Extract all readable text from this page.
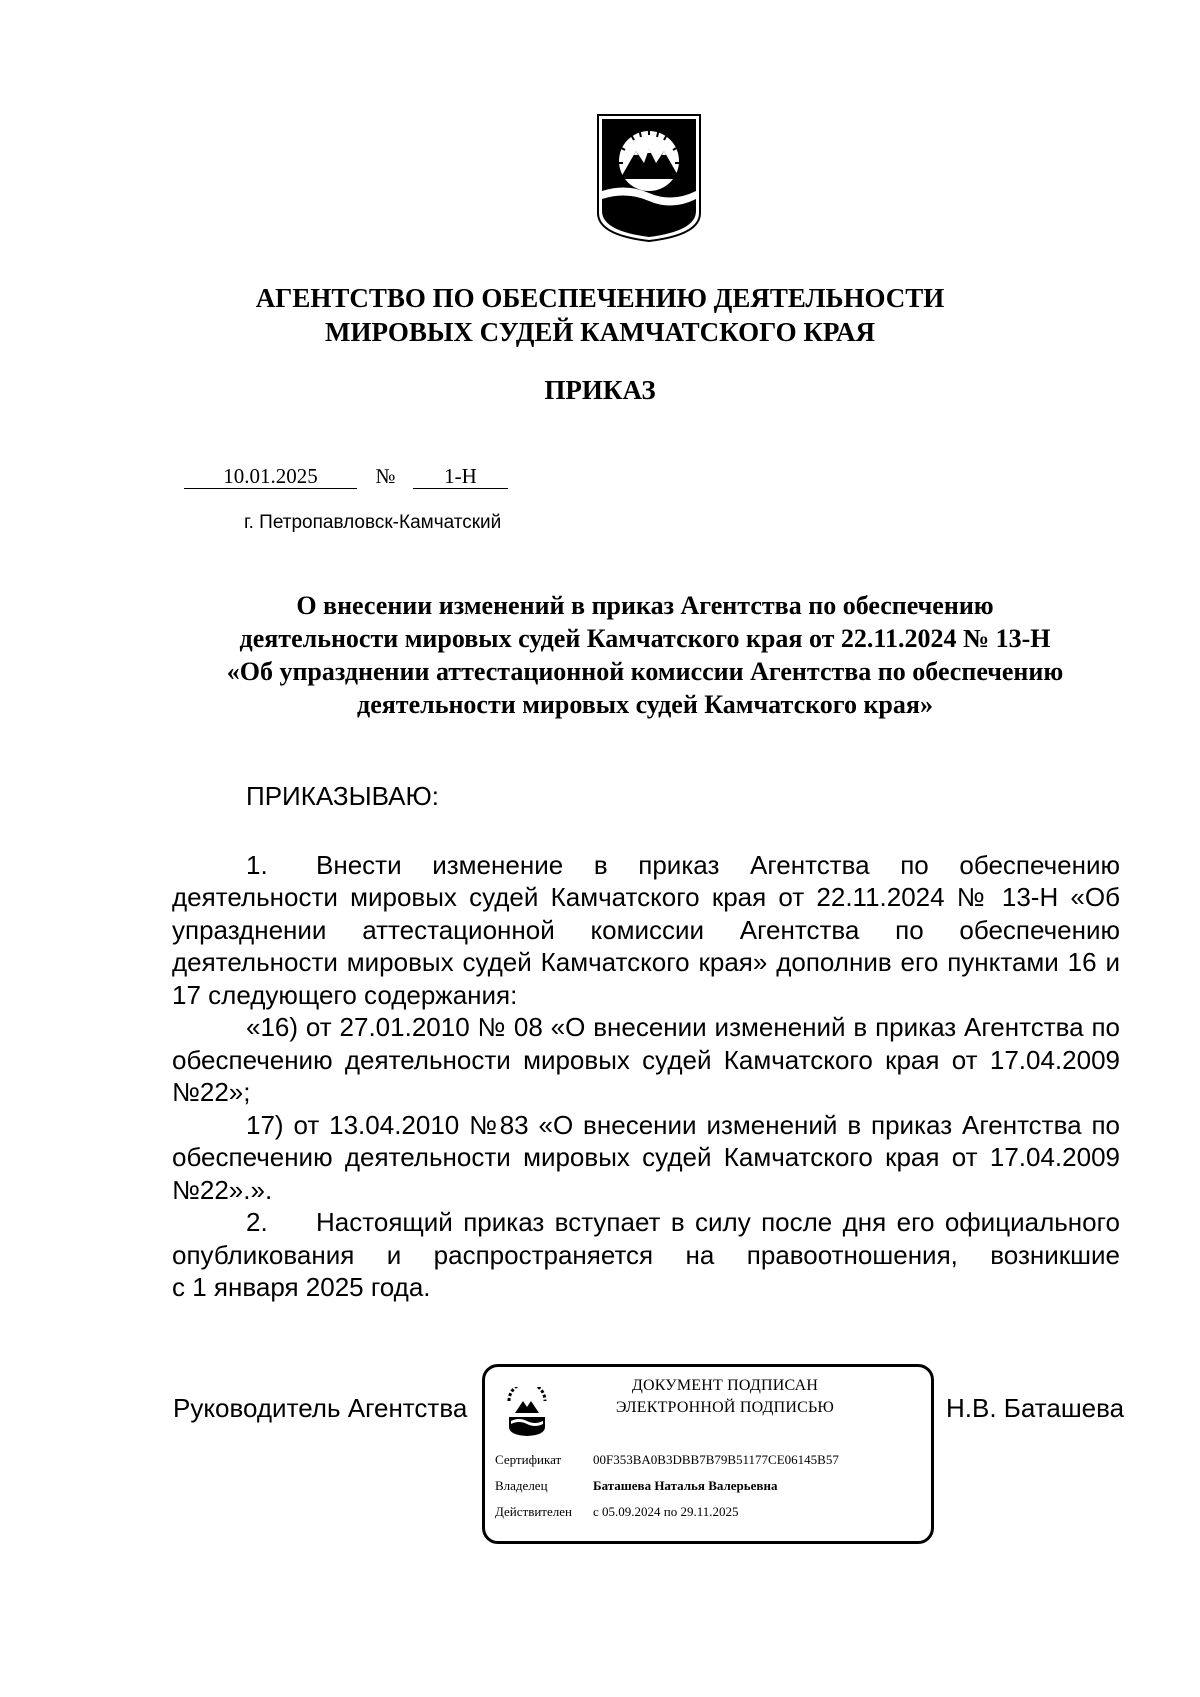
АГЕНТСТВО ПО ОБЕСПЕЧЕНИЮ ДЕЯТЕЛЬНОСТИ
МИРОВЫХ СУДЕЙ КАМЧАТСКОГО КРАЯ
ПРИКАЗ
10.01.2025	№	1-Н
г. Петропавловск-Камчатский
О внесении изменений в приказ Агентства по обеспечению
деятельности мировых судей Камчатского края от 22.11.2024 № 13-Н
«Об упразднении аттестационной комиссии Агентства по обеспечению
деятельности мировых судей Камчатского края»
ПРИКАЗЫВАЮ:
1. Внести изменение в приказ Агентства по обеспечению
деятельности мировых судей Камчатского края от 22.11.2024 № 13-Н «Об
упразднении аттестационной комиссии Агентства по обеспечению
деятельности мировых судей Камчатского края» дополнив его пунктами 16 и
17 следующего содержания:
«16) от 27.01.2010 № 08 «О внесении изменений в приказ Агентства по
обеспечению деятельности мировых судей Камчатского края от 17.04.2009
№22»;
17) от 13.04.2010 №83 «О внесении изменений в приказ Агентства по
обеспечению деятельности мировых судей Камчатского края от 17.04.2009
№22».».
2. Настоящий приказ вступает в силу после дня его официального
опубликования и распространяется на правоотношения, возникшие
с 1 января 2025 года.
Руководитель Агентства	Н.В. Баташева
ДОКУМЕНТ ПОДПИСАН
ЭЛЕКТРОННОЙ ПОДПИСЬЮ
Сертификат 00F353BA0B3DBB7B79B51177CE06145B57
Владелец	Баташева Наталья Валерьевна
Действителен с 05.09.2024 по 29.11.2025
